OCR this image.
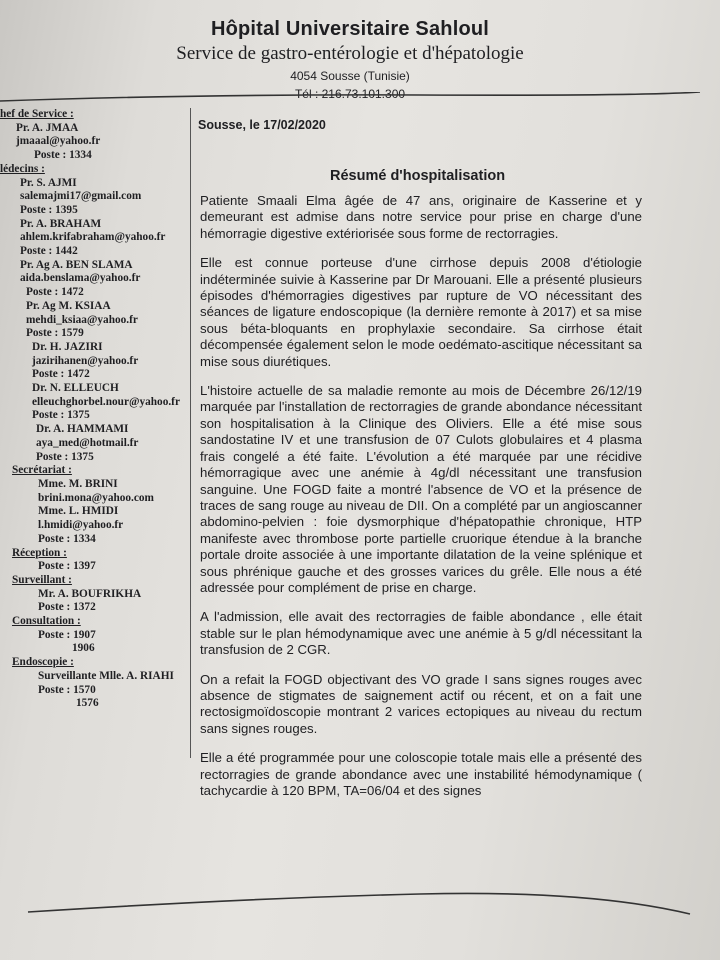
Hôpital Universitaire Sahloul
Service de gastro-entérologie et d'hépatologie
4054 Sousse (Tunisie)
Tél : 216.73.101.300
hef de Service :
Pr. A. JMAA
jmaaal@yahoo.fr
Poste : 1334
lédecins :
Pr. S. AJMI
salemajmi17@gmail.com
Poste : 1395
Pr. A. BRAHAM
ahlem.krifabraham@yahoo.fr
Poste : 1442
Pr. Ag A. BEN SLAMA
aida.benslama@yahoo.fr
Poste : 1472
Pr. Ag M. KSIAA
mehdi_ksiaa@yahoo.fr
Poste : 1579
Dr. H. JAZIRI
jazirihanen@yahoo.fr
Poste : 1472
Dr. N. ELLEUCH
elleuchghorbel.nour@yahoo.fr
Poste : 1375
Dr. A. HAMMAMI
aya_med@hotmail.fr
Poste : 1375
Secrétariat :
Mme. M. BRINI
brini.mona@yahoo.com
Mme. L. HMIDI
l.hmidi@yahoo.fr
Poste : 1334
Réception :
Poste : 1397
Surveillant :
Mr. A. BOUFRIKHA
Poste : 1372
Consultation :
Poste : 1907
1906
Endoscopie :
Surveillante Mlle. A. RIAHI
Poste : 1570
1576
Sousse, le 17/02/2020
Résumé d'hospitalisation

Patiente Smaali Elma âgée de 47 ans, originaire de Kasserine et y demeurant est admise dans notre service pour prise en charge d'une hémorragie digestive extériorisée sous forme de rectorragies.

Elle est connue porteuse d'une cirrhose depuis 2008 d'étiologie indéterminée suivie à Kasserine par Dr Marouani. Elle a présenté plusieurs épisodes d'hémorragies digestives par rupture de VO nécessitant des séances de ligature endoscopique (la dernière remonte à 2017) et sa mise sous béta-bloquants en prophylaxie secondaire. Sa cirrhose était décompensée également selon le mode oedémato-ascitique nécessitant sa mise sous diurétiques.

L'histoire actuelle de sa maladie remonte au mois de Décembre 26/12/19 marquée par l'installation de rectorragies de grande abondance nécessitant son hospitalisation à la Clinique des Oliviers. Elle a été mise sous sandostatine IV et une transfusion de 07 Culots globulaires et 4 plasma frais congelé a été faite. L'évolution a été marquée par une récidive hémorragique avec une anémie à 4g/dl nécessitant une transfusion sanguine. Une FOGD faite a montré l'absence de VO et la présence de traces de sang rouge au niveau de DII. On a complété par un angioscanner abdomino-pelvien : foie dysmorphique d'hépatopathie chronique, HTP manifeste avec thrombose porte partielle cruorique étendue à la branche portale droite associée à une importante dilatation de la veine splénique et sous phrénique gauche et des grosses varices du grêle. Elle nous a été adressée pour complément de prise en charge.

A l'admission, elle avait des rectorragies de faible abondance , elle était stable sur le plan hémodynamique avec une anémie à 5 g/dl nécessitant la transfusion de 2 CGR.

On a refait la FOGD objectivant des VO grade I sans signes rouges avec absence de stigmates de saignement actif ou récent, et on a fait une rectosigmoïdoscopie montrant 2 varices ectopiques au niveau du rectum sans signes rouges.

Elle a été programmée pour une coloscopie totale mais elle a présenté des rectorragies de grande abondance avec une instabilité hémodynamique ( tachycardie à 120 BPM, TA=06/04 et des signes
